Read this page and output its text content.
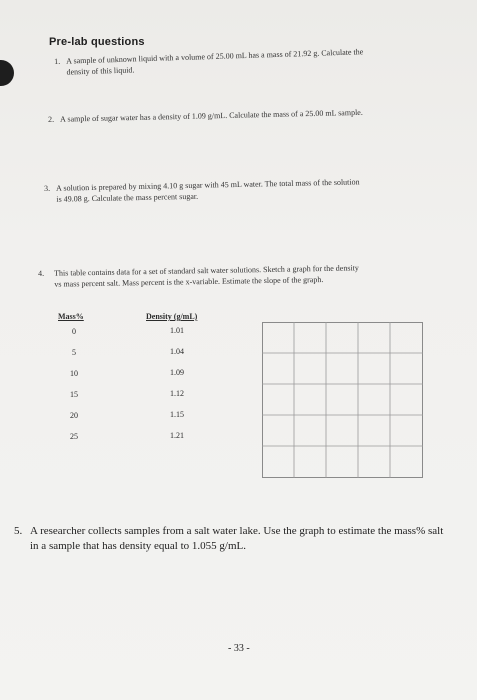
Pre-lab questions
1. A sample of unknown liquid with a volume of 25.00 mL has a mass of 21.92 g. Calculate the
density of this liquid.
2. A sample of sugar water has a density of 1.09 g/mL. Calculate the mass of a 25.00 mL sample.
3. A solution is prepared by mixing 4.10 g sugar with 45 mL water. The total mass of the solution
is 49.08 g. Calculate the mass percent sugar.
4. This table contains data for a set of standard salt water solutions. Sketch a graph for the density
vs mass percent salt. Mass percent is the x-variable. Estimate the slope of the graph.
Mass%	Density (g/mL)
0	1.01
5	1.04
10	1.09
15	1.12
20	1.15
25	1.21
5. A researcher collects samples from a salt water lake. Use the graph to estimate the mass% salt
in a sample that has density equal to 1.055 g/mL.
- 33 -
